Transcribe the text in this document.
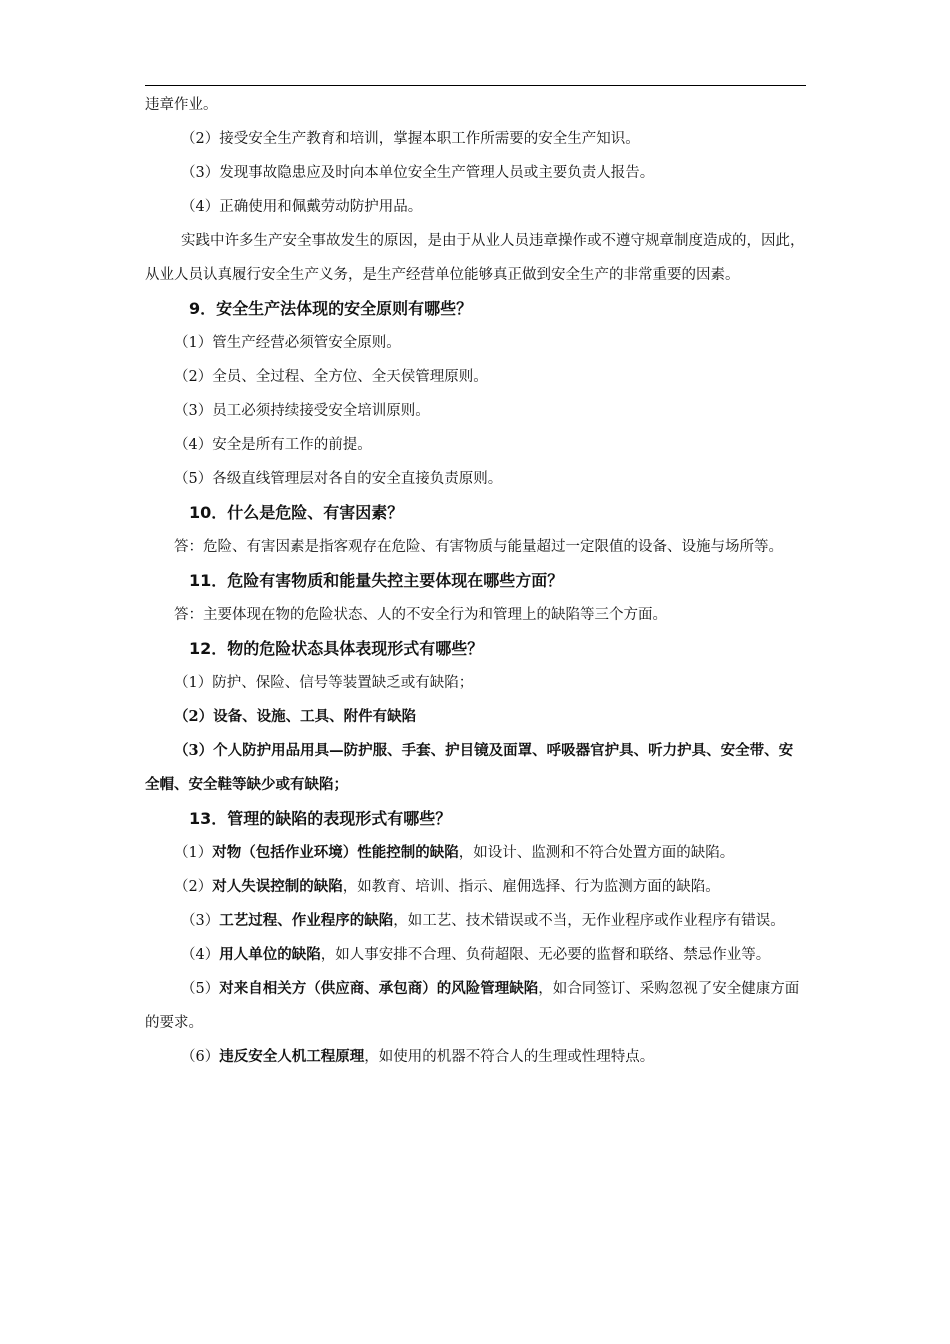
违章作业。

（2）接受安全生产教育和培训，掌握本职工作所需要的安全生产知识。

（3）发现事故隐患应及时向本单位安全生产管理人员或主要负责人报告。

（4）正确使用和佩戴劳动防护用品。

实践中许多生产安全事故发生的原因，是由于从业人员违章操作或不遵守规章制度造成的，因此，从业人员认真履行安全生产义务，是生产经营单位能够真正做到安全生产的非常重要的因素。

9．安全生产法体现的安全原则有哪些？

（1）管生产经营必须管安全原则。

（2）全员、全过程、全方位、全天侯管理原则。

（3）员工必须持续接受安全培训原则。

（4）安全是所有工作的前提。

（5）各级直线管理层对各自的安全直接负责原则。

10．什么是危险、有害因素？

答：危险、有害因素是指客观存在危险、有害物质与能量超过一定限值的设备、设施与场所等。

11．危险有害物质和能量失控主要体现在哪些方面？

答：主要体现在物的危险状态、人的不安全行为和管理上的缺陷等三个方面。

12．物的危险状态具体表现形式有哪些？

（1）防护、保险、信号等装置缺乏或有缺陷；

（2）设备、设施、工具、附件有缺陷

（3）个人防护用品用具—防护服、手套、护目镜及面罩、呼吸器官护具、听力护具、安全带、安全帽、安全鞋等缺少或有缺陷；

13．管理的缺陷的表现形式有哪些？

（1）对物（包括作业环境）性能控制的缺陷，如设计、监测和不符合处置方面的缺陷。

（2）对人失误控制的缺陷，如教育、培训、指示、雇佣选择、行为监测方面的缺陷。

（3）工艺过程、作业程序的缺陷，如工艺、技术错误或不当，无作业程序或作业程序有错误。

（4）用人单位的缺陷，如人事安排不合理、负荷超限、无必要的监督和联络、禁忌作业等。

（5）对来自相关方（供应商、承包商）的风险管理缺陷，如合同签订、采购忽视了安全健康方面的要求。

（6）违反安全人机工程原理，如使用的机器不符合人的生理或性理特点。
